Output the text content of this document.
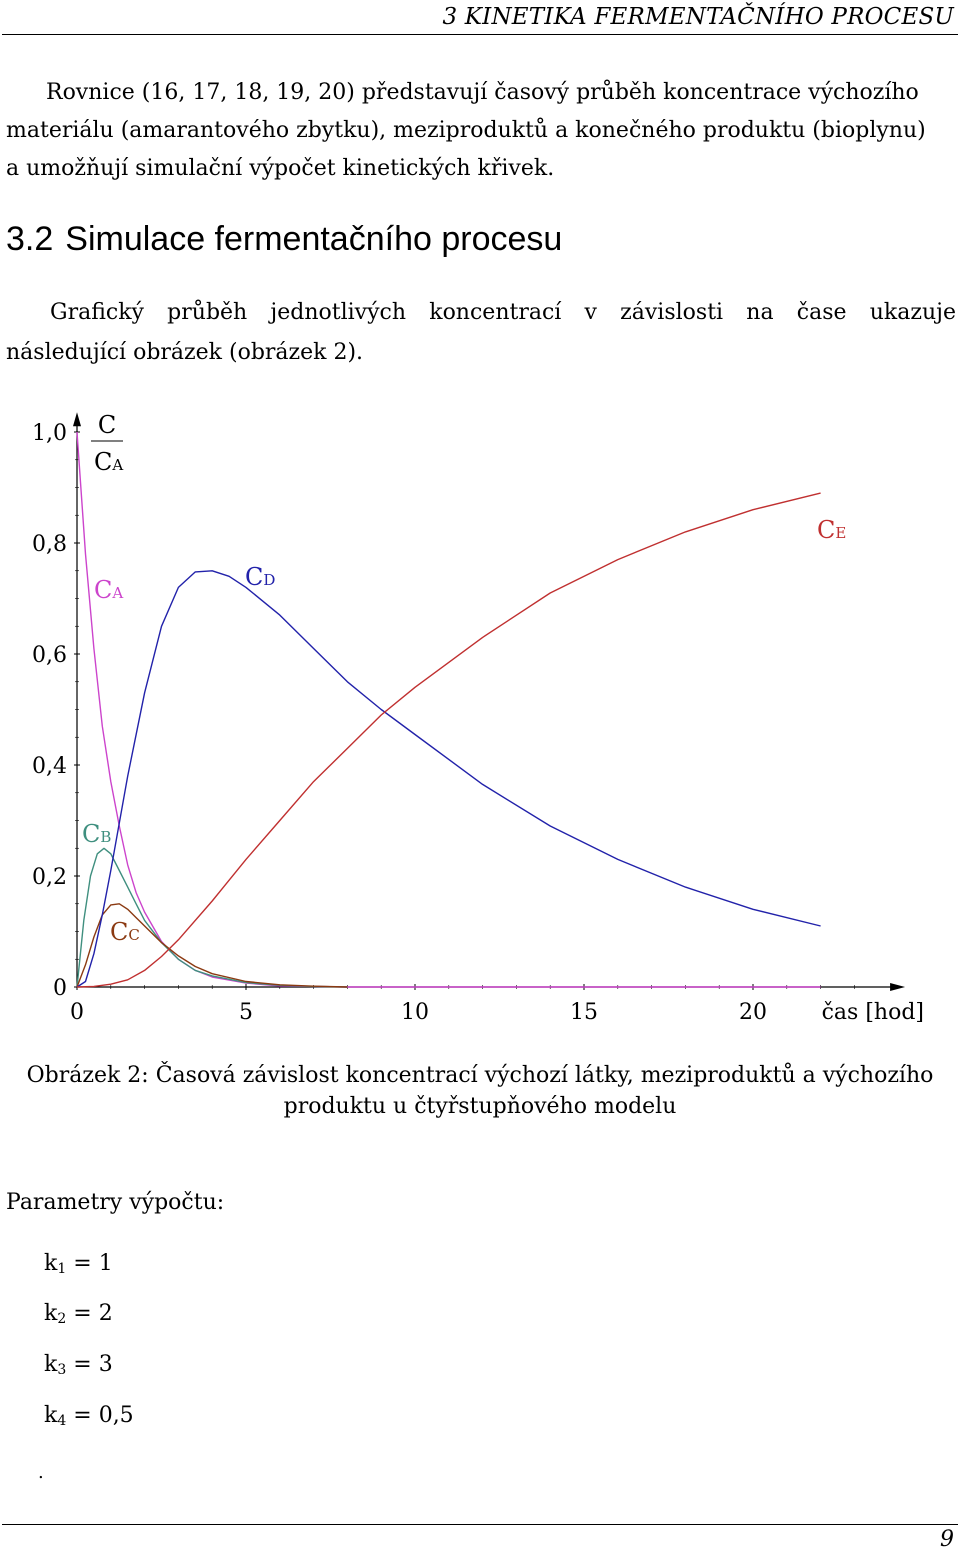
3 KINETIKA FERMENTAČNÍHO PROCESU
Rovnice (16, 17, 18, 19, 20) představují časový průběh koncentrace výchozího
materiálu (amarantového zbytku), meziproduktů a konečného produktu (bioplynu)
a umožňují simulační výpočet kinetických křivek.
3.2 Simulace fermentačního procesu
Grafický průběh jednotlivých koncentrací v závislosti na čase ukazuje
následující obrázek (obrázek 2).
0
0,2
0,4
0,6
0,8
1,0
0	5	10	15	20 čas [hod]
C
CA
CA
CB
CC
CD
CE
Obrázek 2: Časová závislost koncentrací výchozí látky, meziproduktů a výchozího
produktu u čtyřstupňového modelu
Parametry výpočtu:
$k_1 = 1$
$k_2 = 2$
$k_3 = 3$
$k_4 = 0,5$
.
9
